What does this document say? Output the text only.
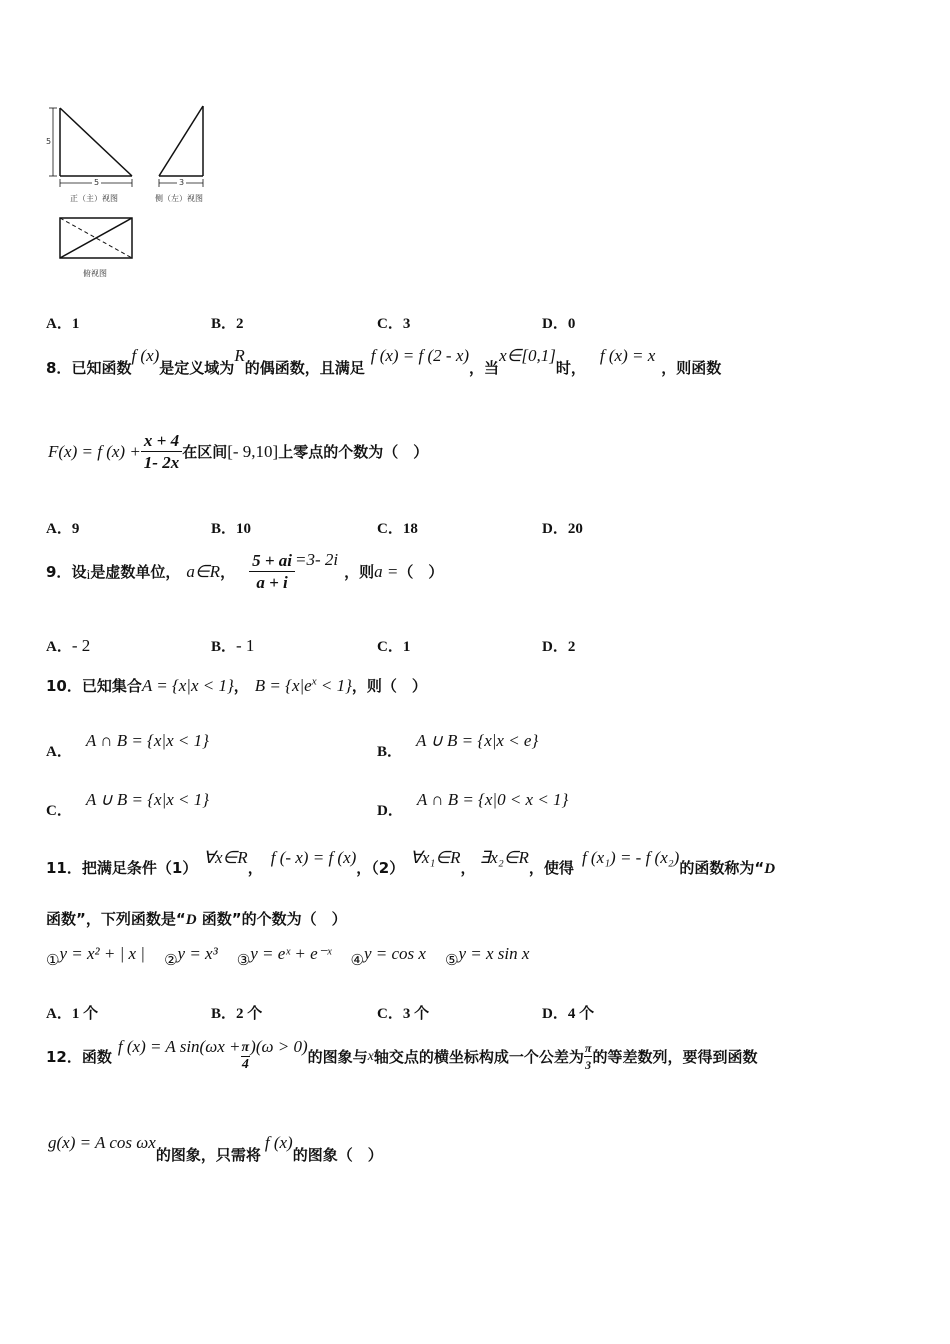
5
5	3
正（主）视图	侧（左）视图
俯视图
A．1	B．2	C．3	D．0
8．已知函数f (x)是定义域为R的偶函数，且满足f (x) = f (2 - x)，当x∈[0,1]时，f (x) = x，则函数
F(x) = f $(x) + \frac{x + 4}{1- 2x}$ 在区间 [- 9,10] 上零点的个数为（　）
A．9	B．10	C．18	D．20
9． 设 i 是虚数单位， a∈R ， $\frac{5 + ai}{a + i} =3-$ 2i
，则 a = （　）
A．- 2	B．- 1	C．1	D．2
10．已知集合A = {x|x < 1}， $B = \{x|e^x < 1\}$，则（　）
A．A ∩ B = {x|x < 1}
B．A ∪ B = {x|x < e}
C．A ∪ B = {x|x < 1}
D．A ∩ B = {x|0 < x < 1}
11．把满足条件（1）∀x∈R，f (- x) = f (x)，（2）∀x₁∈R，∃x₂∈R，使得f (x₁) = - f (x₂)的函数称为“D
函数”，下列函数是“D 函数”的个数为（　）
①y = x² + | x | ②y = x³ ③y = eˣ + e⁻ˣ ④y = cos x ⑤y = x sin x
A．1 个	B．2 个	C．3 个	D．4 个
12． 函数
f (x) = A $\sin(\omega x + \frac{\pi}{4} )(\omega > 0)$
的图象与 x 轴交点的横坐标构成一个公差为 $\frac{\pi}{3}$ 的等差数列，要得到函数
g(x) = A cos ωx的图象，只需将f (x)的图象（　）
